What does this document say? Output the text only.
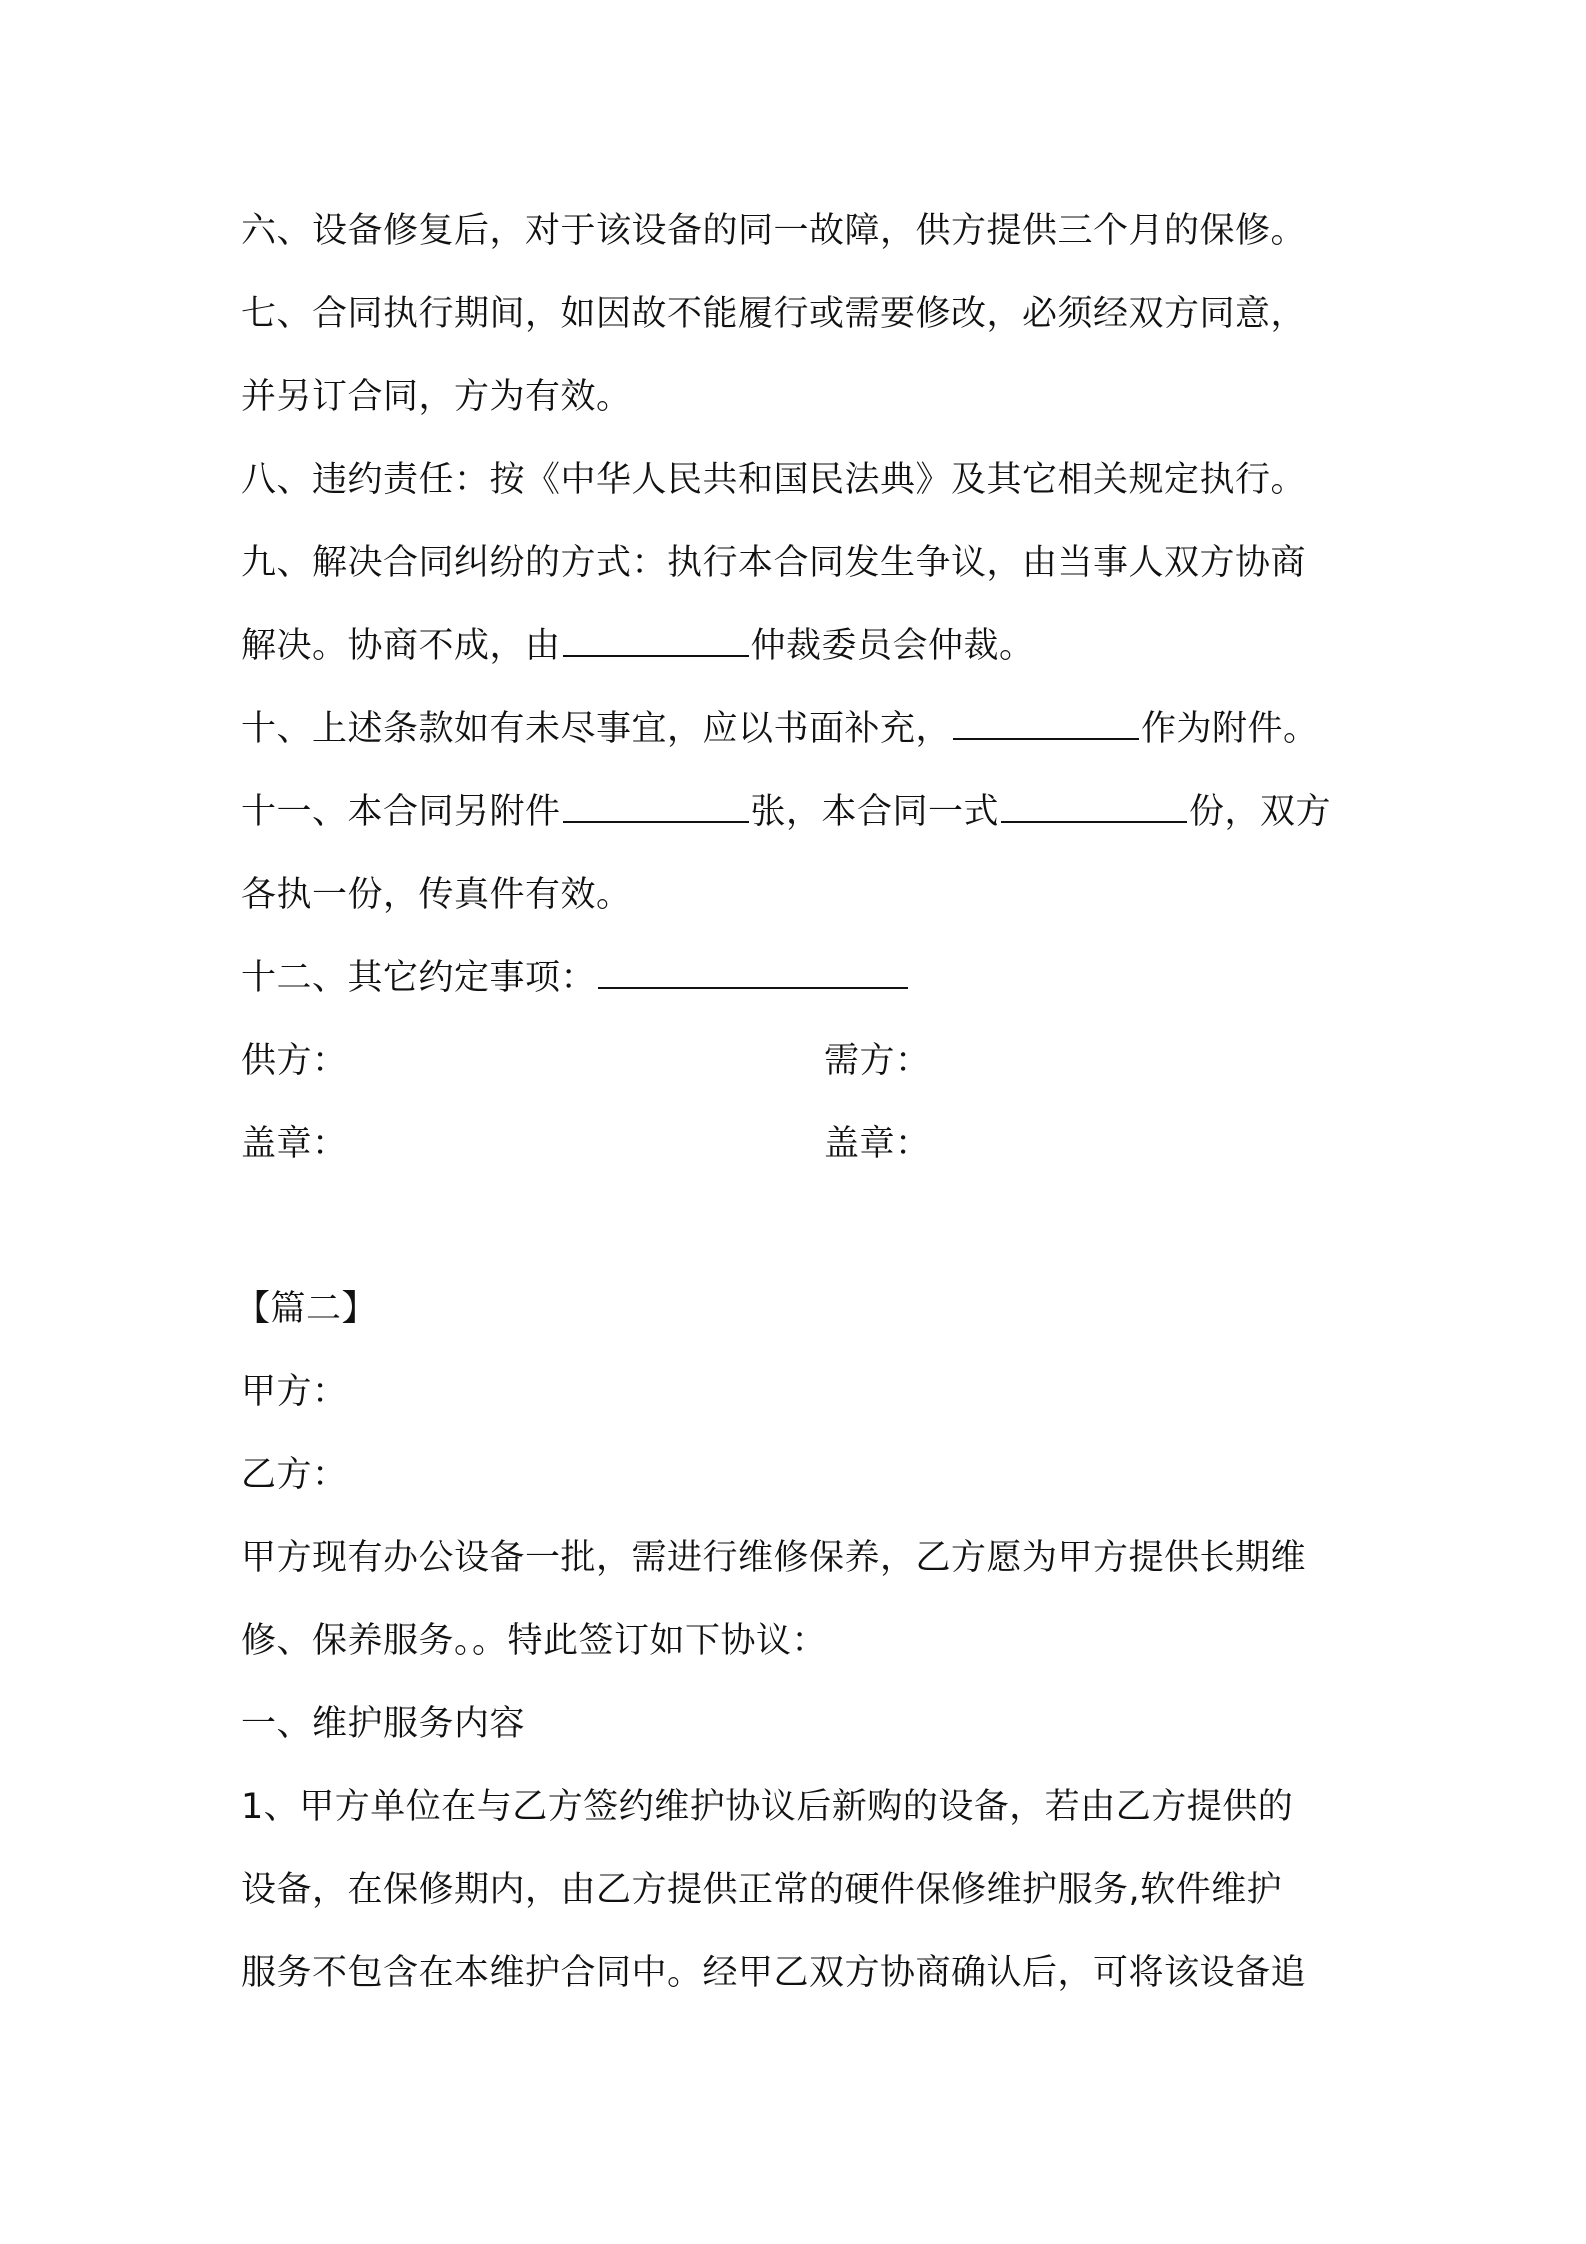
六、设备修复后，对于该设备的同一故障，供方提供三个月的保修。
七、合同执行期间，如因故不能履行或需要修改，必须经双方同意，
并另订合同，方为有效。
八、违约责任：按《中华人民共和国民法典》及其它相关规定执行。
九、解决合同纠纷的方式：执行本合同发生争议，由当事人双方协商
解决。协商不成，由	仲裁委员会仲裁。
十、上述条款如有未尽事宜，应以书面补充，	作为附件。
十一、本合同另附件	张，本合同一式	份，双方
各执一份，传真件有效。
十二、其它约定事项：
供方：	需方：
盖章：	盖章：
【篇二】
甲方：
乙方：
甲方现有办公设备一批，需进行维修保养，乙方愿为甲方提供长期维
修、保养服务。。特此签订如下协议：
一、维护服务内容
1、甲方单位在与乙方签约维护协议后新购的设备，若由乙方提供的
设备，在保修期内，由乙方提供正常的硬件保修维护服务,软件维护
服务不包含在本维护合同中。经甲乙双方协商确认后，可将该设备追
